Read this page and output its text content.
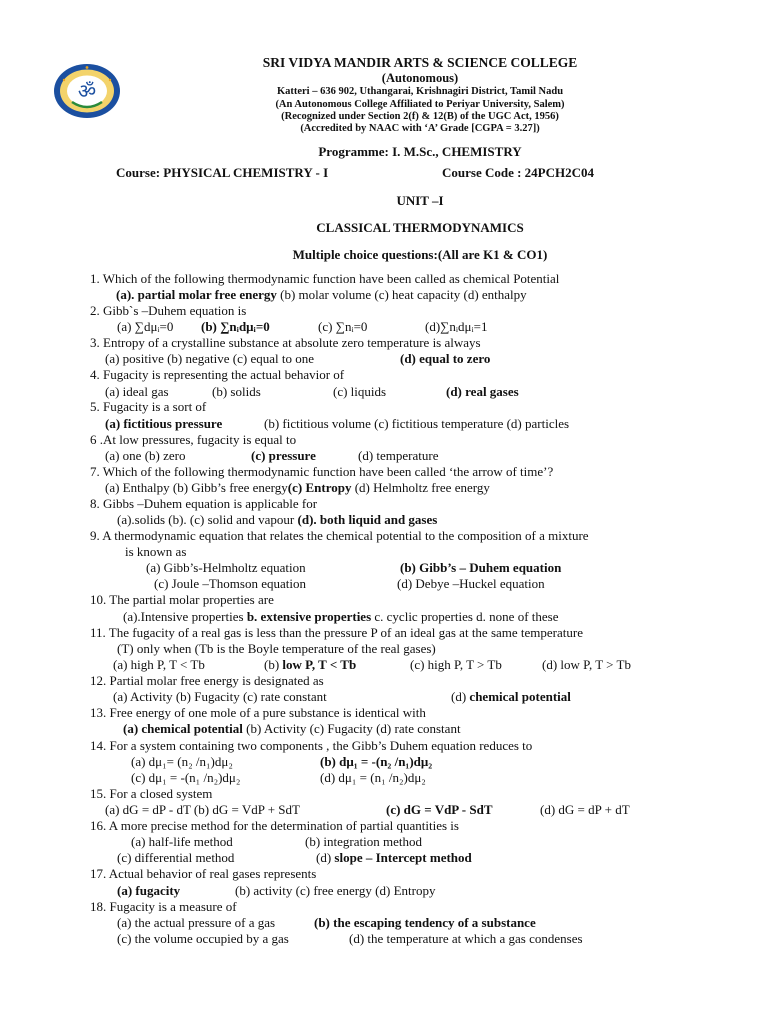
ॐ
SRI VIDYA MANDIR ARTS & SCIENCE COLLEGE
(Autonomous)
Katteri – 636 902, Uthangarai, Krishnagiri District, Tamil Nadu
(An Autonomous College Affiliated to Periyar University, Salem)
(Recognized under Section 2(f) & 12(B) of the UGC Act, 1956)
(Accredited by NAAC with ‘A’ Grade [CGPA = 3.27])
Programme: I. M.Sc., CHEMISTRY
Course: PHYSICAL CHEMISTRY - I	Course Code : 24PCH2C04
UNIT –I
CLASSICAL THERMODYNAMICS
Multiple choice questions:(All are K1 & CO1)
1. Which of the following thermodynamic function have been called as chemical Potential
(a). partial molar free energy (b) molar volume (c) heat capacity (d) enthalpy
2. Gibb`s –Duhem equation is
(a) ∑dμᵢ=0 (b) ∑nᵢdμᵢ=0	(c) ∑nᵢ=0	(d)∑nᵢdμᵢ=1
3. Entropy of a crystalline substance at absolute zero temperature is always
(a) positive (b) negative (c) equal to one	(d) equal to zero
4. Fugacity is representing the actual behavior of
(a) ideal gas	(b) solids	(c) liquids	(d) real gases
5. Fugacity is a sort of
(a) fictitious pressure	(b) fictitious volume (c) fictitious temperature (d) particles
6 .At low pressures, fugacity is equal to
(a) one (b) zero	(c) pressure	(d) temperature
7. Which of the following thermodynamic function have been called ‘the arrow of time’?
(a) Enthalpy (b) Gibb’s free energy(c) Entropy (d) Helmholtz free energy
8. Gibbs –Duhem equation is applicable for
(a).solids (b). (c) solid and vapour (d). both liquid and gases
9. A thermodynamic equation that relates the chemical potential to the composition of a mixture
is known as
(a) Gibb’s-Helmholtz equation	(b) Gibb’s – Duhem equation
(c) Joule –Thomson equation	(d) Debye –Huckel equation
10. The partial molar properties are
(a).Intensive properties b. extensive properties c. cyclic properties d. none of these
11. The fugacity of a real gas is less than the pressure P of an ideal gas at the same temperature
(T) only when (Tb is the Boyle temperature of the real gases)
(a) high P, T < Tb	(b) low P, T < Tb	(c) high P, T > Tb	(d) low P, T > Tb
12. Partial molar free energy is designated as
(a) Activity (b) Fugacity (c) rate constant	(d) chemical potential
13. Free energy of one mole of a pure substance is identical with
(a) chemical potential (b) Activity (c) Fugacity (d) rate constant
14. For a system containing two components , the Gibb’s Duhem equation reduces to
(a) dμ₁= (n₂ /n₁)dμ₂	(b) dμ₁ = -(n₂ /n₁)dμ₂
(c) dμ₁ = -(n₁ /n₂)dμ₂	(d) dμ₁ = (n₁ /n₂)dμ₂
15. For a closed system
(a) dG = dP - dT (b) dG = VdP + SdT	(c) dG = VdP - SdT	(d) dG = dP + dT
16. A more precise method for the determination of partial quantities is
(a) half-life method	(b) integration method
(c) differential method	(d) slope – Intercept method
17. Actual behavior of real gases represents
(a) fugacity	(b) activity (c) free energy (d) Entropy
18. Fugacity is a measure of
(a) the actual pressure of a gas	(b) the escaping tendency of a substance
(c) the volume occupied by a gas	(d) the temperature at which a gas condenses
